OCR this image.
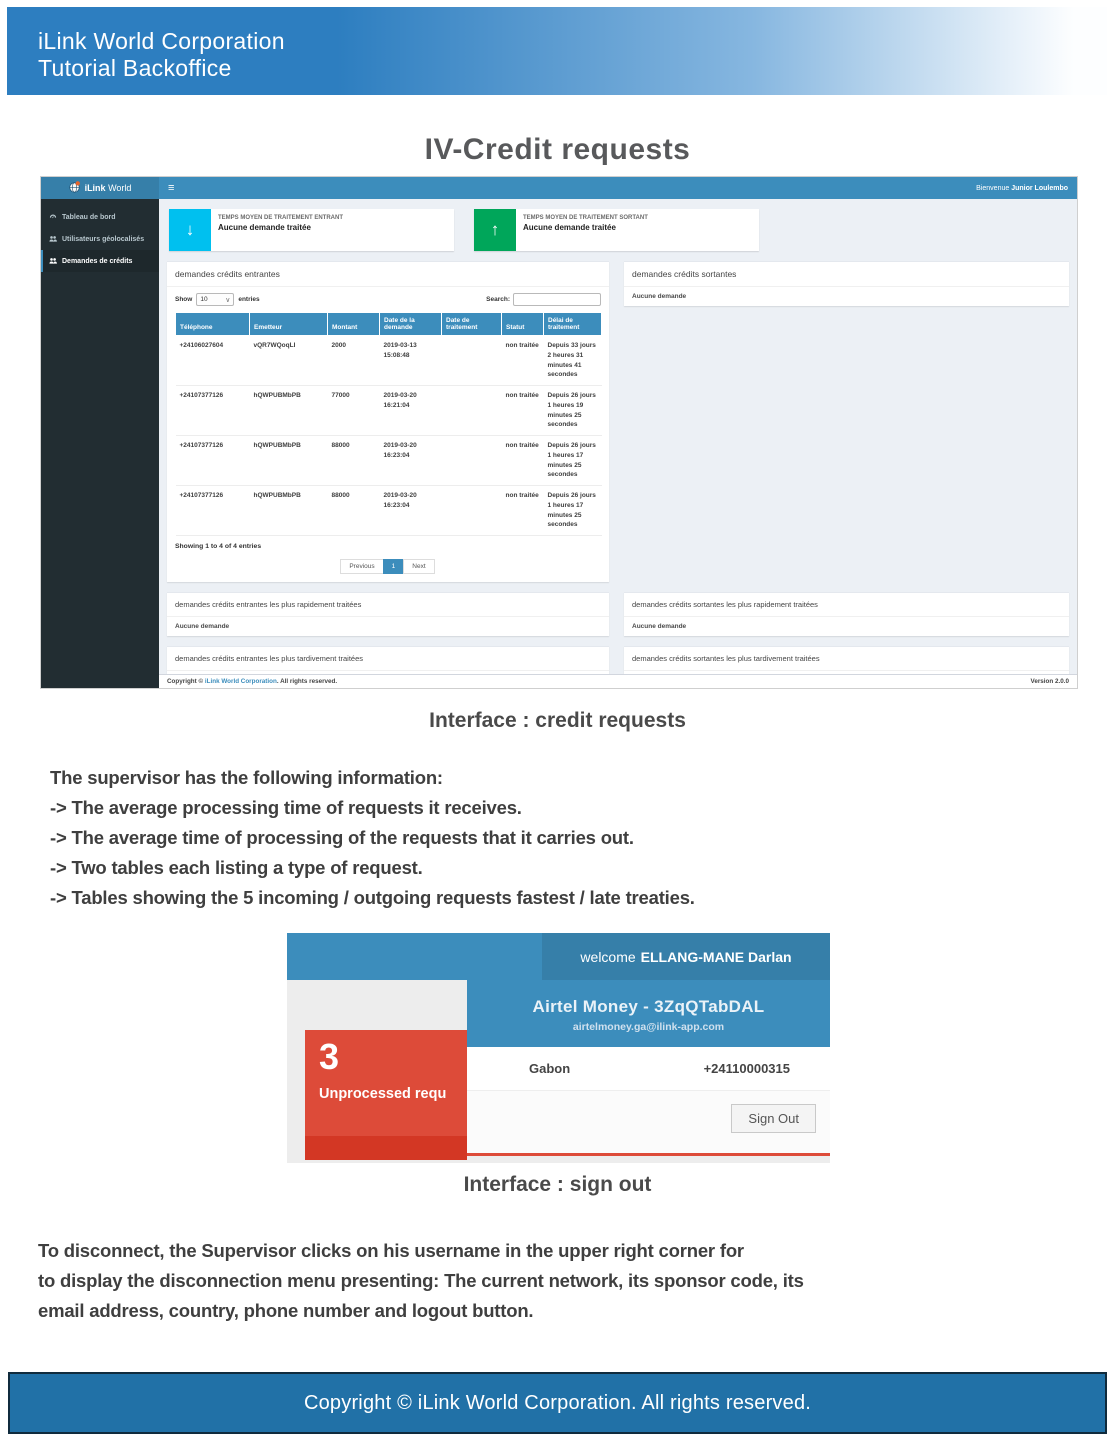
iLink World Corporation
Tutorial Backoffice
IV-Credit requests
iLink World	≡	Bienvenue Junior Loulembo
Tableau de bord
Utilisateurs géolocalisés
Demandes de crédits
↓
TEMPS MOYEN DE TRAITEMENT ENTRANT
Aucune demande traitée	↑
TEMPS MOYEN DE TRAITEMENT SORTANT
Aucune demande traitée
demandes crédits entrantes
Show 10	∨ entries	Search:
Téléphone	Emetteur	Montant	Date de la demande	Date de traitement	Statut	Délai de traitement
+24106027604	vQR7WQoqLI	2000	2019-03-13 15:08:48		non traitée	Depuis 33 jours 2 heures 31 minutes 41 secondes
+24107377126	hQWPUBMbPB	77000	2019-03-20 16:21:04		non traitée	Depuis 26 jours 1 heures 19 minutes 25 secondes
+24107377126	hQWPUBMbPB	88000	2019-03-20 16:23:04		non traitée	Depuis 26 jours 1 heures 17 minutes 25 secondes
+24107377126	hQWPUBMbPB	88000	2019-03-20 16:23:04		non traitée	Depuis 26 jours 1 heures 17 minutes 25 secondes
Showing 1 to 4 of 4 entries
Previous	1	Next
demandes crédits sortantes
Aucune demande
demandes crédits entrantes les plus rapidement traitées
Aucune demande
demandes crédits sortantes les plus rapidement traitées
Aucune demande
demandes crédits entrantes les plus tardivement traitées	demandes crédits sortantes les plus tardivement traitées
Copyright © iLink World Corporation. All rights reserved.	Version 2.0.0
Interface : credit requests
The supervisor has the following information:
-> The average processing time of requests it receives.
-> The average time of processing of the requests that it carries out.
-> Two tables each listing a type of request.
-> Tables showing the 5 incoming / outgoing requests fastest / late treaties.
welcome ELLANG-MANE Darlan
Airtel Money - 3ZqQTabDAL
airtelmoney.ga@ilink-app.com
Gabon	+24110000315
Sign Out
3
Unprocessed requ
Interface : sign out
To disconnect, the Supervisor clicks on his username in the upper right corner for
to display the disconnection menu presenting: The current network, its sponsor code, its
email address, country, phone number and logout button.
Copyright © iLink World Corporation. All rights reserved.
